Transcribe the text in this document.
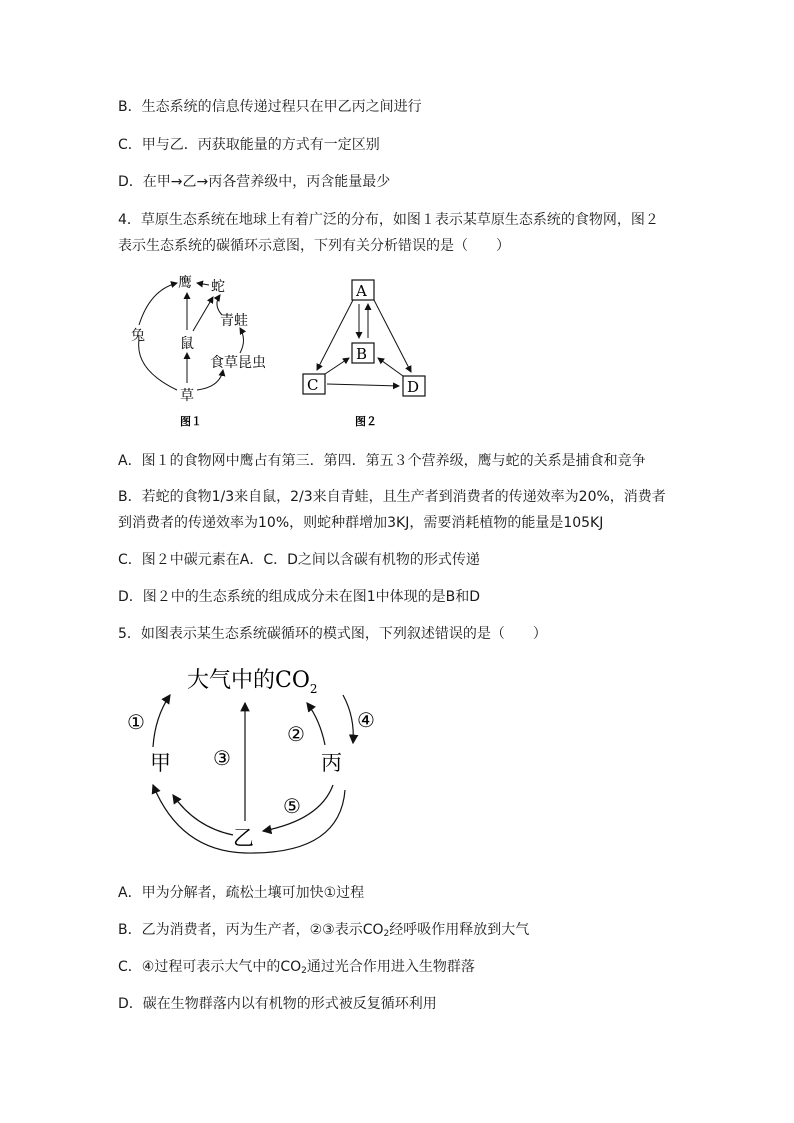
B．生态系统的信息传递过程只在甲乙丙之间进行
C．甲与乙．丙获取能量的方式有一定区别
D．在甲→乙→丙各营养级中，丙含能量最少
4．草原生态系统在地球上有着广泛的分布，如图１表示某草原生态系统的食物网，图２
表示生态系统的碳循环示意图，下列有关分析错误的是（　　）
鹰 蛇
青蛙
兔	鼠
食草昆虫
草
图１
A
B
C	D
图２
A．图１的食物网中鹰占有第三．第四．第五３个营养级，鹰与蛇的关系是捕食和竞争
B．若蛇的食物1/3来自鼠，2/3来自青蛙，且生产者到消费者的传递效率为20%，消费者到消费者的传递效率为10%，则蛇种群增加3KJ，需要消耗植物的能量是105KJ
C．图２中碳元素在A．C．D之间以含碳有机物的形式传递
D．图２中的生态系统的组成成分未在图1中体现的是B和D
5．如图表示某生态系统碳循环的模式图，下列叙述错误的是（　　）
大气中的$CO_2$
甲
乙
丙
①	②
③
④
⑤
A．甲为分解者，疏松土壤可加快①过程
B．乙为消费者，丙为生产者，②③表示$CO_2$经呼吸作用释放到大气
C．④过程可表示大气中的$CO_2$通过光合作用进入生物群落
D．碳在生物群落内以有机物的形式被反复循环利用
